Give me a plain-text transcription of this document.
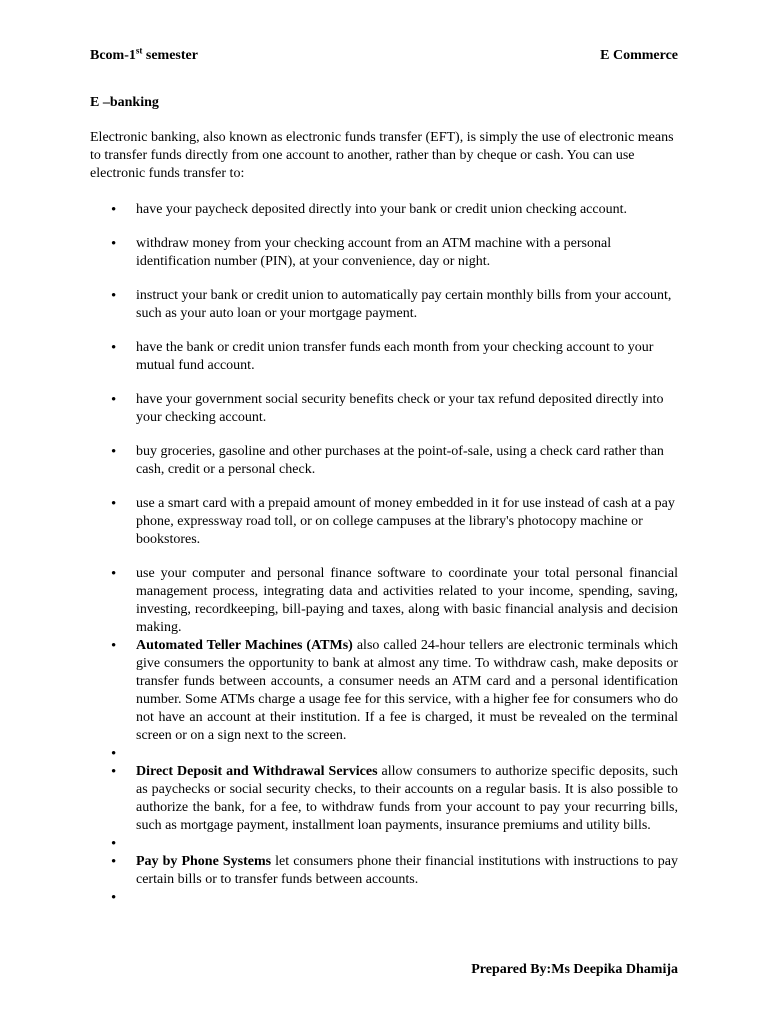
Bcom-1st semester	E Commerce
E –banking

Electronic banking, also known as electronic funds transfer (EFT), is simply the use of electronic means to transfer funds directly from one account to another, rather than by cheque or cash. You can use electronic funds transfer to:

• have your paycheck deposited directly into your bank or credit union checking account.
• withdraw money from your checking account from an ATM machine with a personal identification number (PIN), at your convenience, day or night.
• instruct your bank or credit union to automatically pay certain monthly bills from your account, such as your auto loan or your mortgage payment.
• have the bank or credit union transfer funds each month from your checking account to your mutual fund account.
• have your government social security benefits check or your tax refund deposited directly into your checking account.
• buy groceries, gasoline and other purchases at the point-of-sale, using a check card rather than cash, credit or a personal check.
• use a smart card with a prepaid amount of money embedded in it for use instead of cash at a pay phone, expressway road toll, or on college campuses at the library's photocopy machine or bookstores.
• use your computer and personal finance software to coordinate your total personal financial management process, integrating data and activities related to your income, spending, saving, investing, recordkeeping, bill-paying and taxes, along with basic financial analysis and decision making.
• Automated Teller Machines (ATMs) also called 24-hour tellers are electronic terminals which give consumers the opportunity to bank at almost any time. To withdraw cash, make deposits or transfer funds between accounts, a consumer needs an ATM card and a personal identification number. Some ATMs charge a usage fee for this service, with a higher fee for consumers who do not have an account at their institution. If a fee is charged, it must be revealed on the terminal screen or on a sign next to the screen.
•
• Direct Deposit and Withdrawal Services allow consumers to authorize specific deposits, such as paychecks or social security checks, to their accounts on a regular basis. It is also possible to authorize the bank, for a fee, to withdraw funds from your account to pay your recurring bills, such as mortgage payment, installment loan payments, insurance premiums and utility bills.
•
• Pay by Phone Systems let consumers phone their financial institutions with instructions to pay certain bills or to transfer funds between accounts.
•
Prepared By:Ms Deepika Dhamija
